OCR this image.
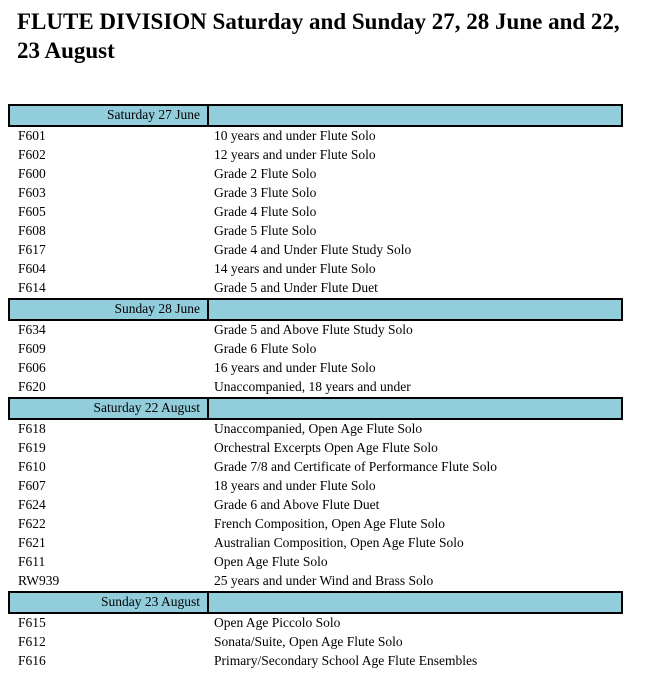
FLUTE DIVISION Saturday and Sunday 27, 28 June and 22, 23 August
Saturday 27 June	
F601	10 years and under Flute Solo
F602	12 years and under Flute Solo
F600	Grade 2 Flute Solo
F603	Grade 3 Flute Solo
F605	Grade 4 Flute Solo
F608	Grade 5 Flute Solo
F617	Grade 4 and Under Flute Study Solo
F604	14 years and under Flute Solo
F614	Grade 5 and Under Flute Duet
Sunday 28 June	
F634	Grade 5 and Above Flute Study Solo
F609	Grade 6 Flute Solo
F606	16 years and under Flute Solo
F620	Unaccompanied, 18 years and under
Saturday 22 August	
F618	Unaccompanied, Open Age Flute Solo
F619	Orchestral Excerpts Open Age Flute Solo
F610	Grade 7/8 and Certificate of Performance Flute Solo
F607	18 years and under Flute Solo
F624	Grade 6 and Above Flute Duet
F622	French Composition, Open Age Flute Solo
F621	Australian Composition, Open Age Flute Solo
F611	Open Age Flute Solo
RW939	25 years and under Wind and Brass Solo
Sunday 23 August	
F615	Open Age Piccolo Solo
F612	Sonata/Suite, Open Age Flute Solo
F616	Primary/Secondary School Age Flute Ensembles
